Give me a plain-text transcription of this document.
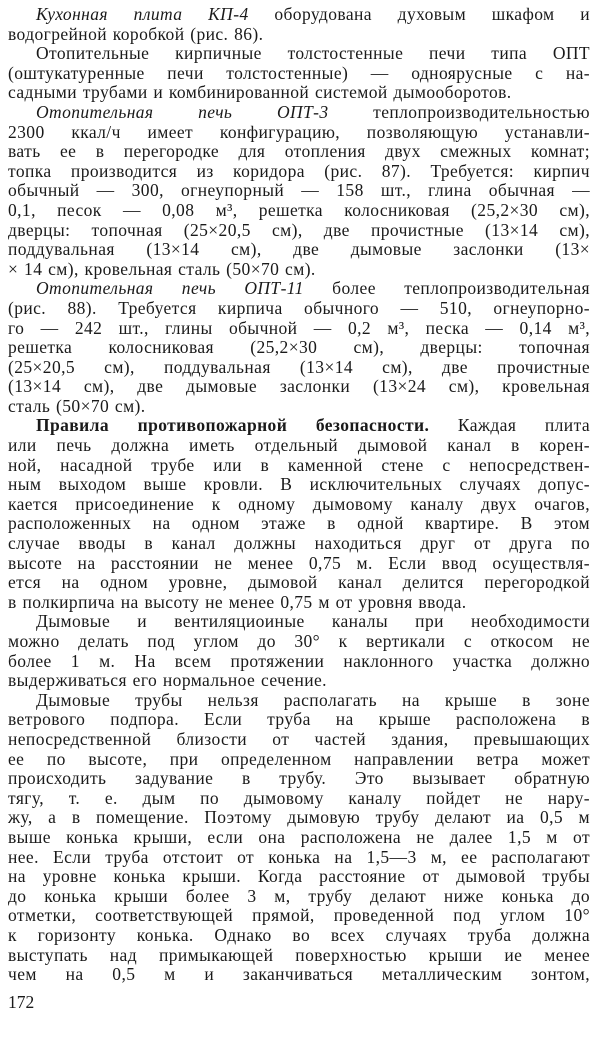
Кухонная плита КП-4 оборудована духовым шкафом и
водогрейной коробкой (рис. 86).
Отопительные кирпичные толстостенные печи типа ОПТ
(оштукатуренные печи толстостенные) — одноярусные с на-
садными трубами и комбинированной системой дымооборотов.
Отопительная печь ОПТ-3 теплопроизводительностью
2300 ккал/ч имеет конфигурацию, позволяющую устанавли-
вать ее в перегородке для отопления двух смежных комнат;
топка производится из коридора (рис. 87). Требуется: кирпич
обычный — 300, огнеупорный — 158 шт., глина обычная —
0,1, песок — 0,08 м³, решетка колосниковая (25,2×30 см),
дверцы: топочная (25×20,5 см), две прочистные (13×14 см),
поддувальная (13×14 см), две дымовые заслонки (13×
× 14 см), кровельная сталь (50×70 см).
Отопительная печь ОПТ-11 более теплопроизводительная
(рис. 88). Требуется кирпича обычного — 510, огнеупорно-
го — 242 шт., глины обычной — 0,2 м³, песка — 0,14 м³,
решетка колосниковая (25,2×30 см), дверцы: топочная
(25×20,5 см), поддувальная (13×14 см), две прочистные
(13×14 см), две дымовые заслонки (13×24 см), кровельная
сталь (50×70 см).
Правила противопожарной безопасности. Каждая плита
или печь должна иметь отдельный дымовой канал в корен-
ной, насадной трубе или в каменной стене с непосредствен-
ным выходом выше кровли. В исключительных случаях допус-
кается присоединение к одному дымовому каналу двух очагов,
расположенных на одном этаже в одной квартире. В этом
случае вводы в канал должны находиться друг от друга по
высоте на расстоянии не менее 0,75 м. Если ввод осуществля-
ется на одном уровне, дымовой канал делится перегородкой
в полкирпича на высоту не менее 0,75 м от уровня ввода.
Дымовые и вентиляциоиные каналы при необходимости
можно делать под углом до 30° к вертикали с откосом не
более 1 м. На всем протяжении наклонного участка должно
выдерживаться его нормальное сечение.
Дымовые трубы нельзя располагать на крыше в зоне
ветрового подпора. Если труба на крыше расположена в
непосредственной близости от частей здания, превышающих
ее по высоте, при определенном направлении ветра может
происходить задувание в трубу. Это вызывает обратную
тягу, т. е. дым по дымовому каналу пойдет не нару-
жу, а в помещение. Поэтому дымовую трубу делают иа 0,5 м
выше конька крыши, если она расположена не далее 1,5 м от
нее. Если труба отстоит от конька на 1,5—3 м, ее располагают
на уровне конька крыши. Когда расстояние от дымовой трубы
до конька крыши более 3 м, трубу делают ниже конька до
отметки, соответствующей прямой, проведенной под углом 10°
к горизонту конька. Однако во всех случаях труба должна
выступать над примыкающей поверхностью крыши ие менее
чем на 0,5 м и заканчиваться металлическим зонтом,
172
